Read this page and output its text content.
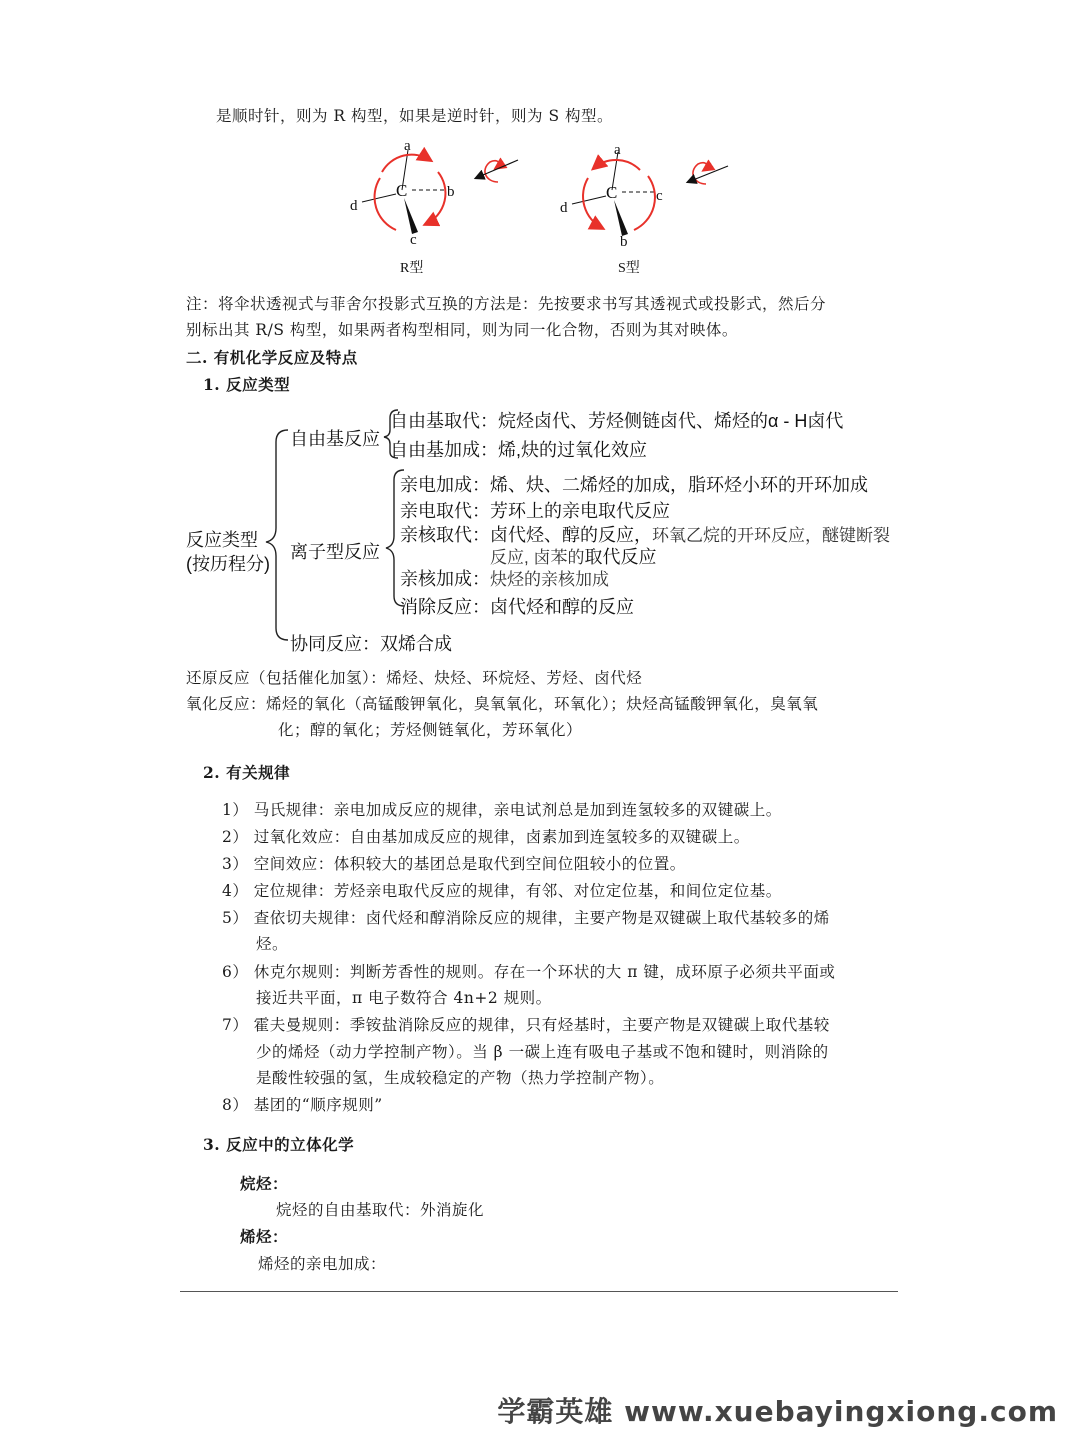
是顺时针，则为 R 构型，如果是逆时针，则为 S 构型。
C
a
b
d
c
R型
C
a
c
d
b
S型
注：将伞状透视式与菲舍尔投影式互换的方法是：先按要求书写其透视式或投影式，然后分
别标出其 R/S 构型，如果两者构型相同，则为同一化合物，否则为其对映体。
二. 有机化学反应及特点
1. 反应类型
反应类型
(按历程分)
自由基反应
自由基取代：烷烃卤代、芳烃侧链卤代、烯烃的α - H卤代
自由基加成：烯,炔的过氧化效应
离子型反应
亲电加成：烯、炔、二烯烃的加成，脂环烃小环的开环加成
亲电取代：芳环上的亲电取代反应
亲核取代：卤代烃、醇的反应，环氧乙烷的开环反应，醚键断裂
反应, 卤苯的取代反应
亲核加成：炔烃的亲核加成
消除反应：卤代烃和醇的反应
协同反应：双烯合成
还原反应（包括催化加氢）：烯烃、炔烃、环烷烃、芳烃、卤代烃
氧化反应：烯烃的氧化（高锰酸钾氧化，臭氧氧化，环氧化）；炔烃高锰酸钾氧化，臭氧氧
化；醇的氧化；芳烃侧链氧化，芳环氧化）
2. 有关规律
1） 马氏规律：亲电加成反应的规律，亲电试剂总是加到连氢较多的双键碳上。
2） 过氧化效应：自由基加成反应的规律，卤素加到连氢较多的双键碳上。
3） 空间效应：体积较大的基团总是取代到空间位阻较小的位置。
4） 定位规律：芳烃亲电取代反应的规律，有邻、对位定位基，和间位定位基。
5） 查依切夫规律：卤代烃和醇消除反应的规律，主要产物是双键碳上取代基较多的烯
烃。
6） 休克尔规则：判断芳香性的规则。存在一个环状的大 π 键，成环原子必须共平面或
接近共平面，π 电子数符合 4n+2 规则。
7） 霍夫曼规则：季铵盐消除反应的规律，只有烃基时，主要产物是双键碳上取代基较
少的烯烃（动力学控制产物）。当 β 一碳上连有吸电子基或不饱和键时，则消除的
是酸性较强的氢，生成较稳定的产物（热力学控制产物）。
8） 基团的“顺序规则”
3. 反应中的立体化学
烷烃：
烷烃的自由基取代：外消旋化
烯烃：
烯烃的亲电加成：
学霸英雄 www.xuebayingxiong.com
